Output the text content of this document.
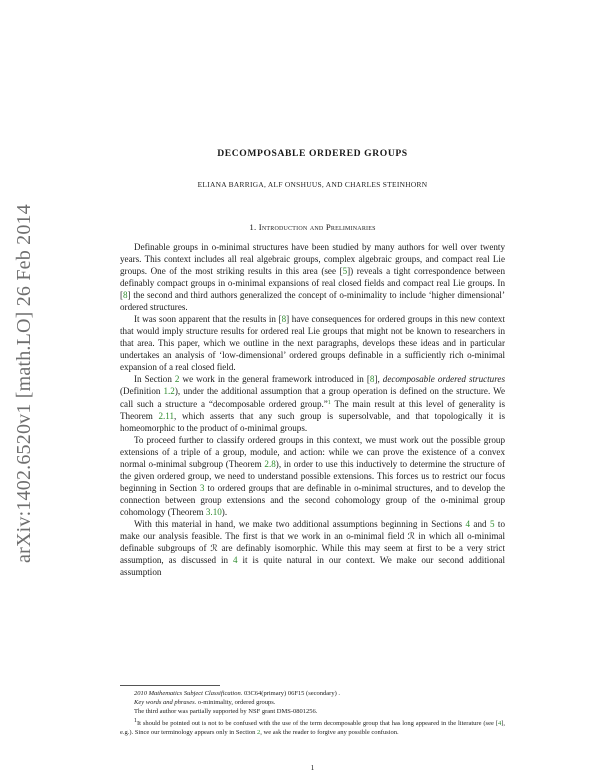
arXiv:1402.6520v1 [math.LO] 26 Feb 2014
DECOMPOSABLE ORDERED GROUPS
ELIANA BARRIGA, ALF ONSHUUS, AND CHARLES STEINHORN
1. Introduction and Preliminaries

Definable groups in o-minimal structures have been studied by many authors for well over twenty years. This context includes all real algebraic groups, complex algebraic groups, and compact real Lie groups. One of the most striking results in this area (see [5]) reveals a tight correspondence between definably compact groups in o-minimal expansions of real closed fields and compact real Lie groups. In [8] the second and third authors generalized the concept of o-minimality to include ‘higher dimensional’ ordered structures.

It was soon apparent that the results in [8] have consequences for ordered groups in this new context that would imply structure results for ordered real Lie groups that might not be known to researchers in that area. This paper, which we outline in the next paragraphs, develops these ideas and in particular undertakes an analysis of ‘low-dimensional’ ordered groups definable in a sufficiently rich o-minimal expansion of a real closed field.

In Section 2 we work in the general framework introduced in [8], decomposable ordered structures (Definition 1.2), under the additional assumption that a group operation is defined on the structure. We call such a structure a “decomposable ordered group.”$^1$ The main result at this level of generality is Theorem 2.11, which asserts that any such group is supersolvable, and that topologically it is homeomorphic to the product of o-minimal groups.

To proceed further to classify ordered groups in this context, we must work out the possible group extensions of a triple of a group, module, and action: while we can prove the existence of a convex normal o-minimal subgroup (Theorem 2.8), in order to use this inductively to determine the structure of the given ordered group, we need to understand possible extensions. This forces us to restrict our focus beginning in Section 3 to ordered groups that are definable in o-minimal structures, and to develop the connection between group extensions and the second cohomology group of the o-minimal group cohomology (Theorem 3.10).

With this material in hand, we make two additional assumptions beginning in Sections 4 and 5 to make our analysis feasible. The first is that we work in an o-minimal field ℛ in which all o-minimal definable subgroups of ℛ are definably isomorphic. While this may seem at first to be a very strict assumption, as discussed in 4 it is quite natural in our context. We make our second additional assumption

2010 Mathematics Subject Classification. 03C64(primary) 06F15 (secondary) .

Key words and phrases. o-minimality, ordered groups.

The third author was partially supported by NSF grant DMS-0801256.

1It should be pointed out is not to be confused with the use of the term decomposable group that has long appeared in the literature (see [4], e.g.). Since our terminology appears only in Section 2, we ask the reader to forgive any possible confusion.

1
